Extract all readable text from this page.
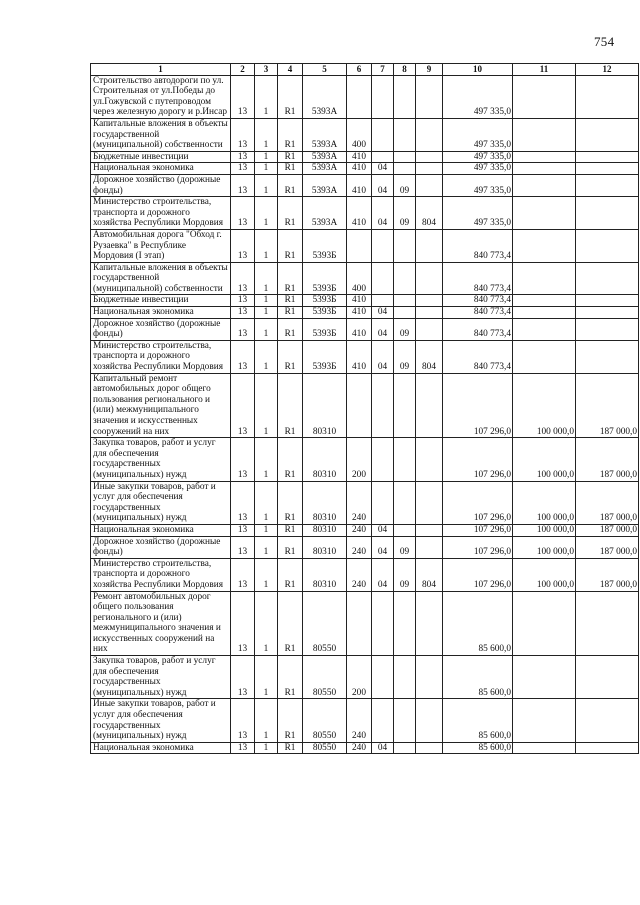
754
1	2	3	4	5	6	7	8	9	10	11	12
Строительство автодороги по ул. Строительная от ул.Победы до ул.Гожувской с путепроводом через железную дорогу и р.Инсар	13	1	R1	5393А					497 335,0		
Капитальные вложения в объекты государственной (муниципальной) собственности	13	1	R1	5393А	400				497 335,0		
Бюджетные инвестиции	13	1	R1	5393А	410				497 335,0		
Национальная экономика	13	1	R1	5393А	410	04			497 335,0		
Дорожное хозяйство (дорожные фонды)	13	1	R1	5393А	410	04	09		497 335,0		
Министерство строительства, транспорта и дорожного хозяйства Республики Мордовия	13	1	R1	5393А	410	04	09	804	497 335,0		
Автомобильная дорога "Обход г. Рузаевка" в Республике Мордовия (I этап)	13	1	R1	5393Б					840 773,4		
Капитальные вложения в объекты государственной (муниципальной) собственности	13	1	R1	5393Б	400				840 773,4		
Бюджетные инвестиции	13	1	R1	5393Б	410				840 773,4		
Национальная экономика	13	1	R1	5393Б	410	04			840 773,4		
Дорожное хозяйство (дорожные фонды)	13	1	R1	5393Б	410	04	09		840 773,4		
Министерство строительства, транспорта и дорожного хозяйства Республики Мордовия	13	1	R1	5393Б	410	04	09	804	840 773,4		
Капитальный ремонт автомобильных дорог общего пользования регионального и (или) межмуниципального значения и искусственных сооружений на них	13	1	R1	80310					107 296,0	100 000,0	187 000,0
Закупка товаров, работ и услуг для обеспечения государственных (муниципальных) нужд	13	1	R1	80310	200				107 296,0	100 000,0	187 000,0
Иные закупки товаров, работ и услуг для обеспечения государственных (муниципальных) нужд	13	1	R1	80310	240				107 296,0	100 000,0	187 000,0
Национальная экономика	13	1	R1	80310	240	04			107 296,0	100 000,0	187 000,0
Дорожное хозяйство (дорожные фонды)	13	1	R1	80310	240	04	09		107 296,0	100 000,0	187 000,0
Министерство строительства, транспорта и дорожного хозяйства Республики Мордовия	13	1	R1	80310	240	04	09	804	107 296,0	100 000,0	187 000,0
Ремонт автомобильных дорог общего пользования регионального и (или) межмуниципального значения и искусственных сооружений на них	13	1	R1	80550					85 600,0		
Закупка товаров, работ и услуг для обеспечения государственных (муниципальных) нужд	13	1	R1	80550	200				85 600,0		
Иные закупки товаров, работ и услуг для обеспечения государственных (муниципальных) нужд	13	1	R1	80550	240				85 600,0		
Национальная экономика	13	1	R1	80550	240	04			85 600,0		
